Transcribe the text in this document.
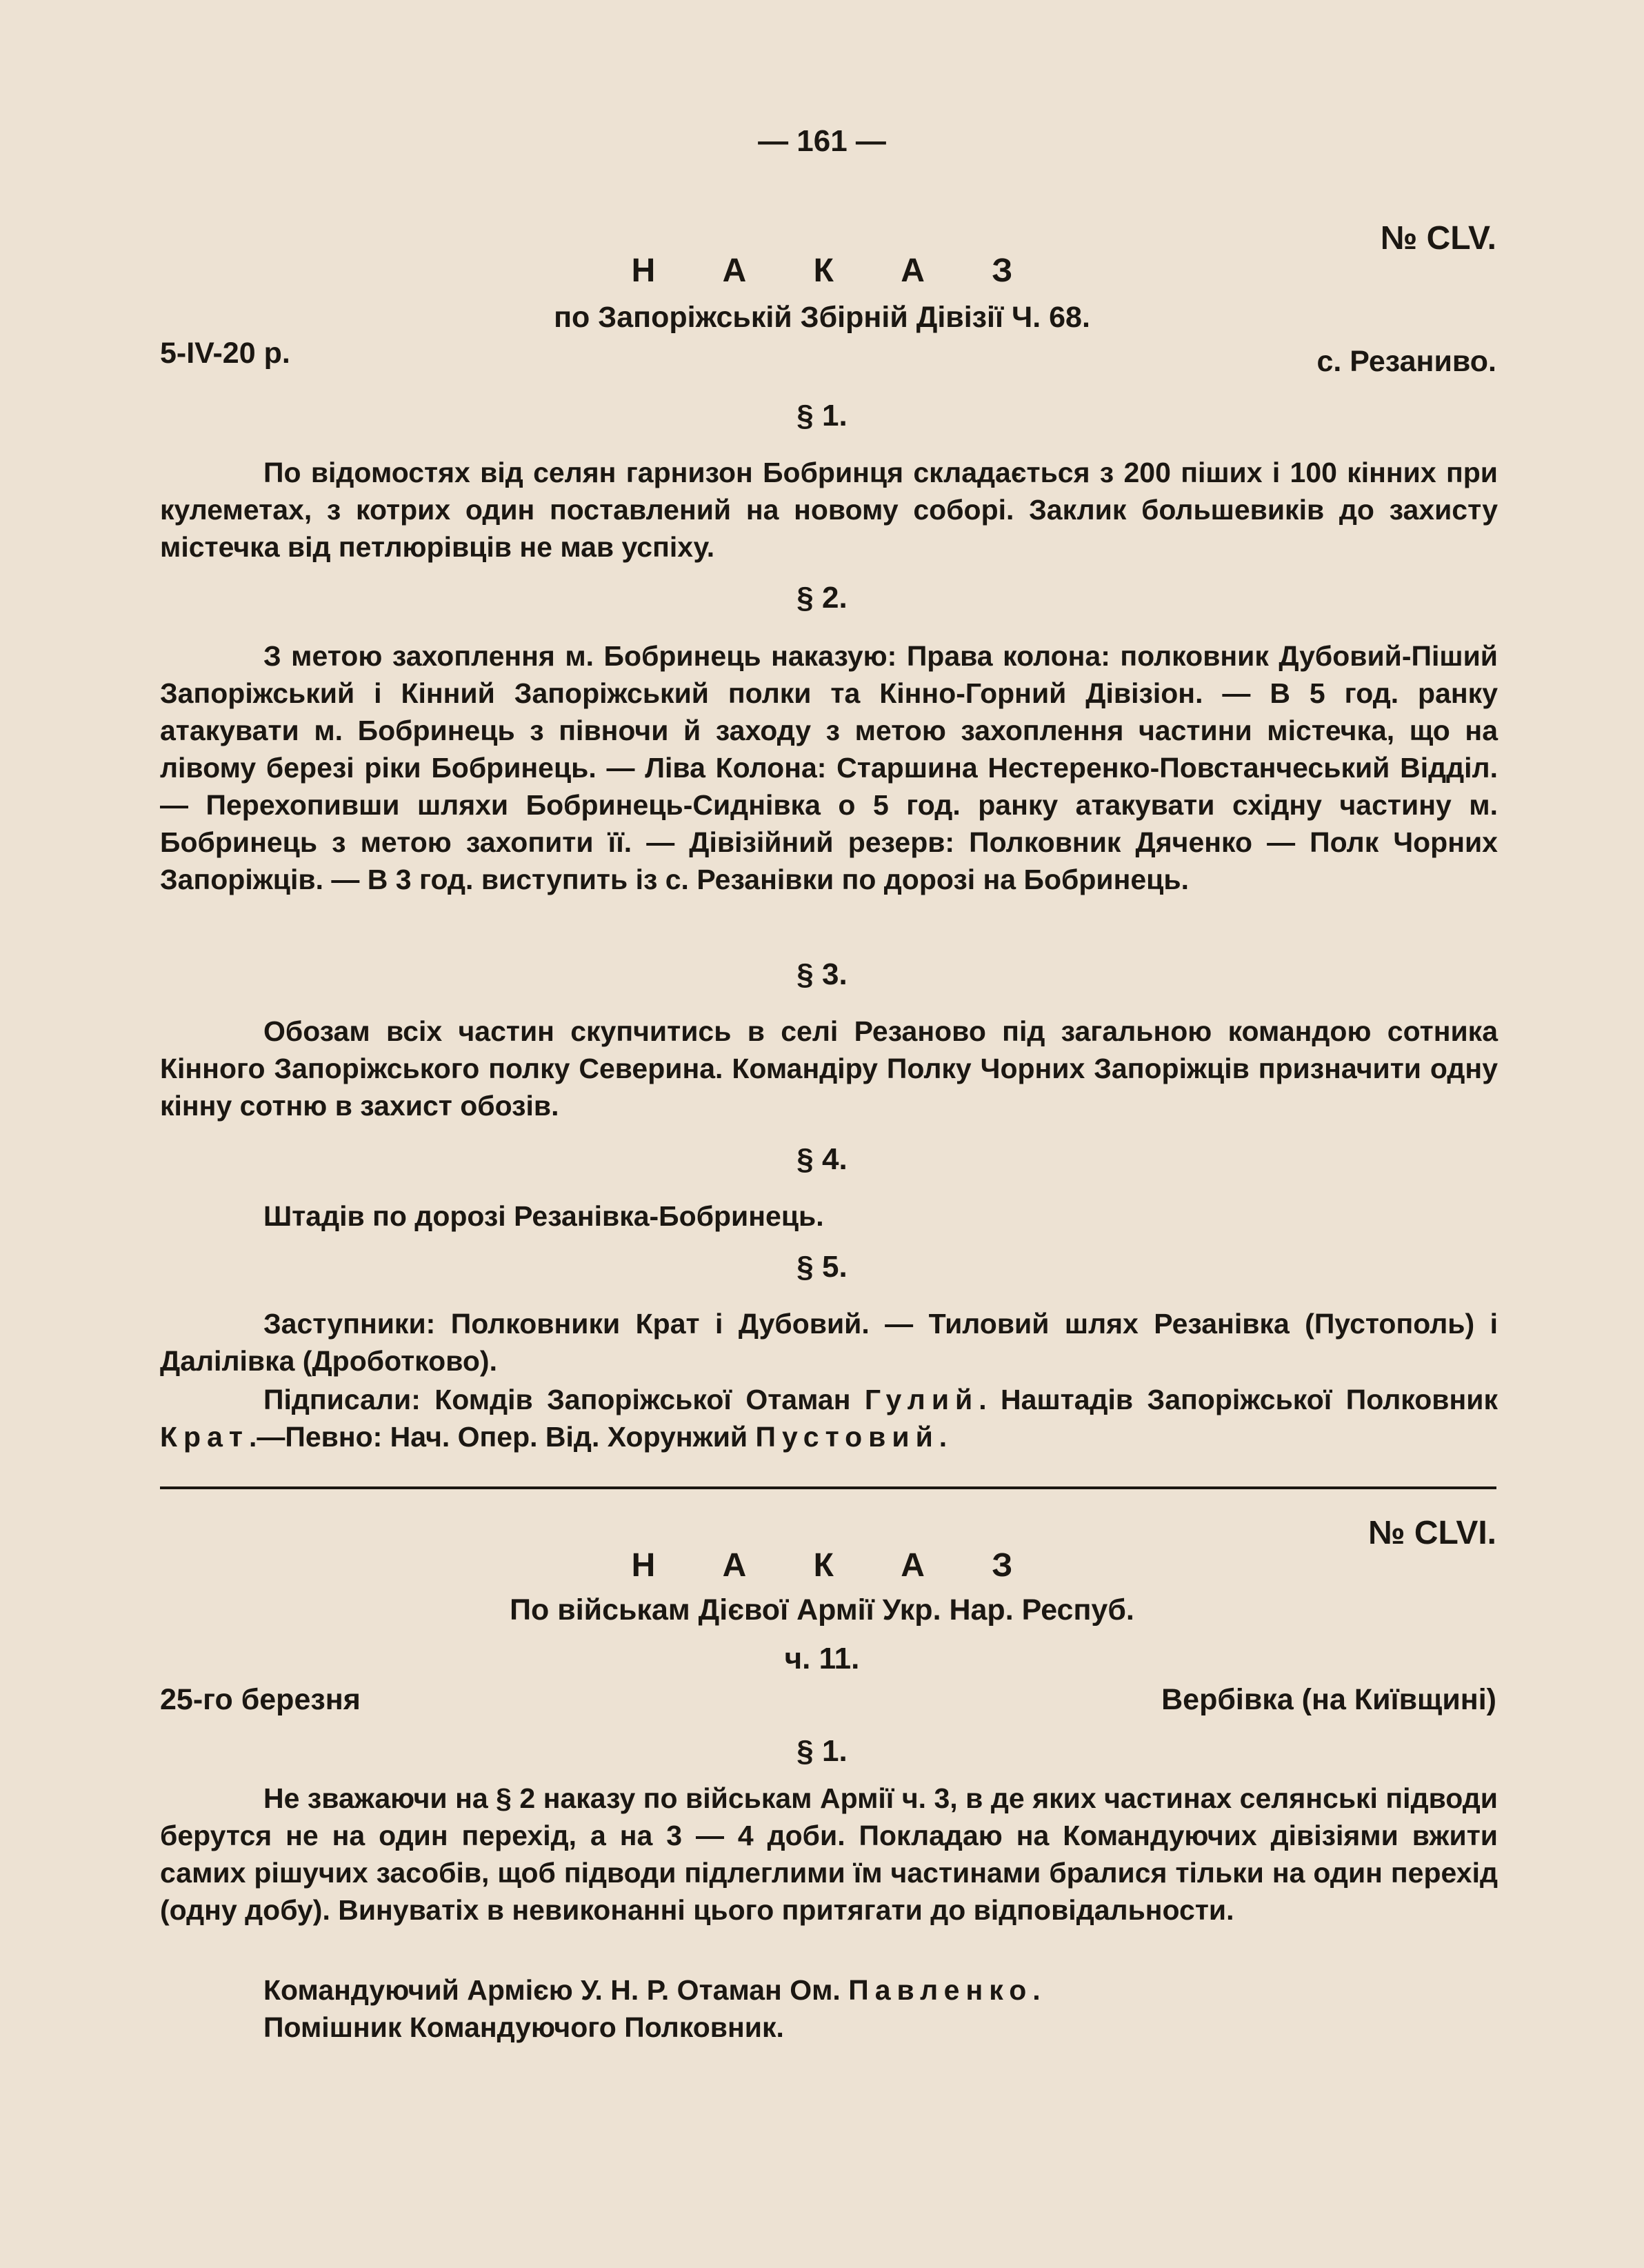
— 161 —
№ CLV.
Н А К А З
по Запоріжській Збірній Дівізії Ч. 68.
5-IV-20 р.	с. Резаниво.
§ 1.
По відомостях від селян гарнизон Бобринця складається з 200 піших і 100 кінних при кулеметах, з котрих один поставлений на новому соборі. Заклик большевиків до захисту містечка від петлюрівців не мав успіху.
§ 2.
З метою захоплення м. Бобринець наказую: Права колона: полковник Дубовий-Піший Запоріжський і Кінний Запоріжський полки та Кінно-Горний Дівізіон. — В 5 год. ранку атакувати м. Бобринець з півночи й заходу з метою захоплення частини містечка, що на лівому березі ріки Бобринець. — Ліва Колона: Старшина Нестеренко-Повстанчеський Відділ. — Перехопивши шляхи Бобринець-Сиднівка о 5 год. ранку атакувати східну частину м. Бобринець з метою захопити її. — Дівізійний резерв: Полковник Дяченко — Полк Чорних Запоріжців. — В 3 год. виступить із с. Резанівки по дорозі на Бобринець.
§ 3.
Обозам всіх частин скупчитись в селі Резаново під загальною командою сотника Кінного Запоріжського полку Северина. Командіру Полку Чорних Запоріжців призначити одну кінну сотню в захист обозів.
§ 4.
Штадів по дорозі Резанівка-Бобринець.
§ 5.
Заступники: Полковники Крат і Дубовий. — Тиловий шлях Резанівка (Пустополь) і Далілівка (Дроботково).
Підписали: Комдів Запоріжської Отаман Гулий. Наштадів Запоріжської Полковник Крат.—Певно: Нач. Опер. Від. Хорунжий Пустовий.
№ CLVI.
Н А К А З
По військам Дієвої Армії Укр. Нар. Респуб.
ч. 11.
25-го березня	Вербівка (на Київщині)
§ 1.
Не зважаючи на § 2 наказу по військам Армії ч. 3, в де яких частинах селянські підводи берутся не на один перехід, а на 3 — 4 доби. Покладаю на Командуючих дівізіями вжити самих рішучих засобів, щоб підводи підлеглими їм частинами бралися тільки на один перехід (одну добу). Винуватіх в невиконанні цього притягати до відповідальности.
Командуючий Армією У. Н. Р. Отаман Ом. Павленко.
Помішник Командуючого Полковник.
